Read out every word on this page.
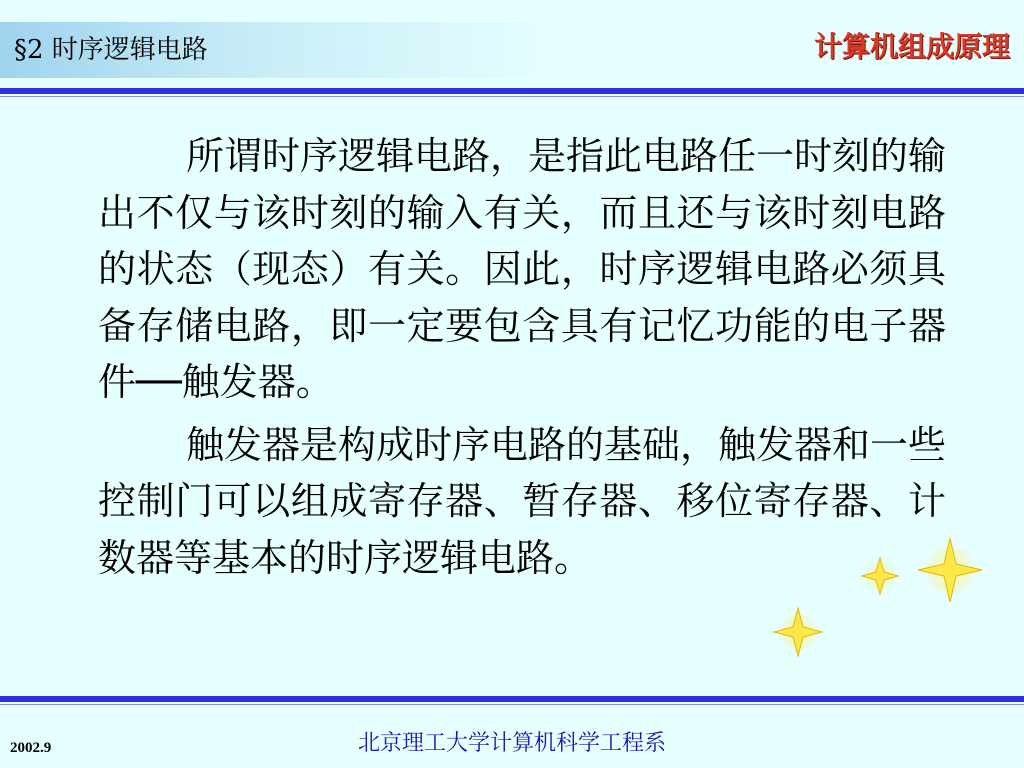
§2 时序逻辑电路	计算机组成原理

所谓时序逻辑电路，是指此电路任一时刻的输出不仅与该时刻的输入有关，而且还与该时刻电路的状态（现态）有关。因此，时序逻辑电路必须具备存储电路，即一定要包含具有记忆功能的电子器件──触发器。

触发器是构成时序电路的基础，触发器和一些控制门可以组成寄存器、暂存器、移位寄存器、计数器等基本的时序逻辑电路。

2002.9	北京理工大学计算机科学工程系
